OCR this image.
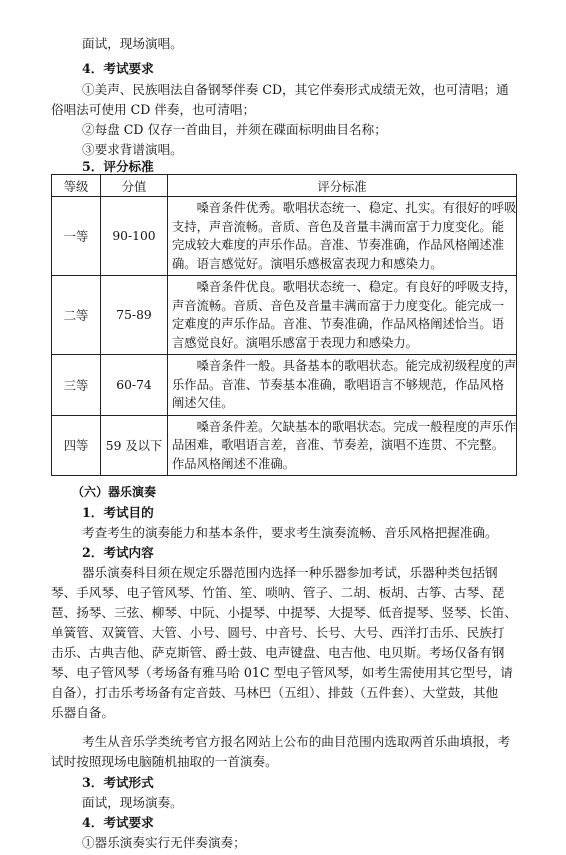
面试，现场演唱。
4．考试要求
①美声、民族唱法自备钢琴伴奏 CD，其它伴奏形式成绩无效，也可清唱；通
俗唱法可使用 CD 伴奏，也可清唱；
②每盘 CD 仅存一首曲目，并须在碟面标明曲目名称；
③要求背谱演唱。
5．评分标准
等级	分值	评分标准
一等	90-100	　　嗓音条件优秀。歌唱状态统一、稳定、扎实。有很好的呼吸
支持，声音流畅。音质、音色及音量丰满而富于力度变化。能
完成较大难度的声乐作品。音准、节奏准确，作品风格阐述准
确。语言感觉好。演唱乐感极富表现力和感染力。

二等	75-89	　　嗓音条件优良。歌唱状态统一、稳定。有良好的呼吸支持，
声音流畅。音质、音色及音量丰满而富于力度变化。能完成一
定难度的声乐作品。音准、节奏准确，作品风格阐述恰当。语
言感觉良好。演唱乐感富于表现力和感染力。

三等	60-74	　　嗓音条件一般。具备基本的歌唱状态。能完成初级程度的声
乐作品。音准、节奏基本准确，歌唱语言不够规范，作品风格
阐述欠佳。

四等	59 及以下	　　嗓音条件差。欠缺基本的歌唱状态。完成一般程度的声乐作
品困难，歌唱语言差，音准、节奏差，演唱不连贯、不完整。
作品风格阐述不准确。
（六）器乐演奏
1．考试目的
考查考生的演奏能力和基本条件，要求考生演奏流畅、音乐风格把握准确。
2．考试内容
器乐演奏科目须在规定乐器范围内选择一种乐器参加考试，乐器种类包括钢
琴、手风琴、电子管风琴、竹笛、笙、唢呐、管子、二胡、板胡、古筝、古琴、琵
琶、扬琴、三弦、柳琴、中阮、小提琴、中提琴、大提琴、低音提琴、竖琴、长笛、
单簧管、双簧管、大管、小号、圆号、中音号、长号、大号、西洋打击乐、民族打
击乐、古典吉他、萨克斯管、爵士鼓、电声键盘、电吉他、电贝斯。考场仅备有钢
琴、电子管风琴（考场备有雅马哈 01C 型电子管风琴，如考生需使用其它型号，请
自备），打击乐考场备有定音鼓、马林巴（五组）、排鼓（五件套）、大堂鼓，其他
乐器自备。
考生从音乐学类统考官方报名网站上公布的曲目范围内选取两首乐曲填报，考
试时按照现场电脑随机抽取的一首演奏。
3．考试形式
面试，现场演奏。
4．考试要求
①器乐演奏实行无伴奏演奏；
